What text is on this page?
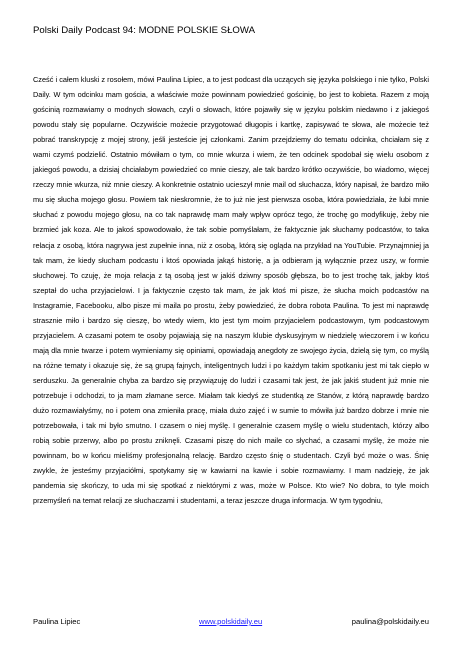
Polski Daily Podcast 94: MODNE POLSKIE SŁOWA

Cześć i całem kluski z rosołem, mówi Paulina Lipiec, a to jest podcast dla uczących się języka polskiego i nie tylko, Polski Daily. W tym odcinku mam gościa, a właściwie może powinnam powiedzieć gościnię, bo jest to kobieta. Razem z moją gościnią rozmawiamy o modnych słowach, czyli o słowach, które pojawiły się w języku polskim niedawno i z jakiegoś powodu stały się popularne. Oczywiście możecie przygotować długopis i kartkę, zapisywać te słowa, ale możecie też pobrać transkrypcję z mojej strony, jeśli jesteście jej członkami. Zanim przejdziemy do tematu odcinka, chciałam się z wami czymś podzielić. Ostatnio mówiłam o tym, co mnie wkurza i wiem, że ten odcinek spodobał się wielu osobom z jakiegoś powodu, a dzisiaj chciałabym powiedzieć co mnie cieszy, ale tak bardzo krótko oczywiście, bo wiadomo, więcej rzeczy mnie wkurza, niż mnie cieszy. A konkretnie ostatnio ucieszył mnie mail od słuchacza, który napisał, że bardzo miło mu się słucha mojego głosu. Powiem tak nieskromnie, że to już nie jest pierwsza osoba, która powiedziała, że lubi mnie słuchać z powodu mojego głosu, na co tak naprawdę mam mały wpływ oprócz tego, że trochę go modyfikuję, żeby nie brzmieć jak koza. Ale to jakoś spowodowało, że tak sobie pomyślałam, że faktycznie jak słuchamy podcastów, to taka relacja z osobą, która nagrywa jest zupełnie inna, niż z osobą, którą się ogląda na przykład na YouTubie. Przynajmniej ja tak mam, że kiedy słucham podcastu i ktoś opowiada jakąś historię, a ja odbieram ją wyłącznie przez uszy, w formie słuchowej. To czuję, że moja relacja z tą osobą jest w jakiś dziwny sposób głębsza, bo to jest trochę tak, jakby ktoś szeptał do ucha przyjacielowi. I ja faktycznie często tak mam, że jak ktoś mi pisze, że słucha moich podcastów na Instagramie, Facebooku, albo pisze mi maila po prostu, żeby powiedzieć, że dobra robota Paulina. To jest mi naprawdę strasznie miło i bardzo się cieszę, bo wtedy wiem, kto jest tym moim przyjacielem podcastowym, tym podcastowym przyjacielem. A czasami potem te osoby pojawiają się na naszym klubie dyskusyjnym w niedzielę wieczorem i w końcu mają dla mnie twarze i potem wymieniamy się opiniami, opowiadają anegdoty ze swojego życia, dzielą się tym, co myślą na różne tematy i okazuje się, że są grupą fajnych, inteligentnych ludzi i po każdym takim spotkaniu jest mi tak ciepło w serduszku. Ja generalnie chyba za bardzo się przywiązuję do ludzi i czasami tak jest, że jak jakiś student już mnie nie potrzebuje i odchodzi, to ja mam złamane serce. Miałam tak kiedyś ze studentką ze Stanów, z którą naprawdę bardzo dużo rozmawiałyśmy, no i potem ona zmieniła pracę, miała dużo zajęć i w sumie to mówiła już bardzo dobrze i mnie nie potrzebowała, i tak mi było smutno. I czasem o niej myślę. I generalnie czasem myślę o wielu studentach, którzy albo robią sobie przerwy, albo po prostu zniknęli. Czasami piszę do nich maile co słychać, a czasami myślę, że może nie powinnam, bo w końcu mieliśmy profesjonalną relację. Bardzo często śnię o studentach. Czyli być może o was. Śnię zwykle, że jesteśmy przyjaciółmi, spotykamy się w kawiarni na kawie i sobie rozmawiamy. I mam nadzieję, że jak pandemia się skończy, to uda mi się spotkać z niektórymi z was, może w Polsce. Kto wie? No dobra, to tyle moich przemyśleń na temat relacji ze słuchaczami i studentami, a teraz jeszcze druga informacja. W tym tygodniu,

Paulina Lipiec	www.polskidaily.eu	paulina@polskidaily.eu
